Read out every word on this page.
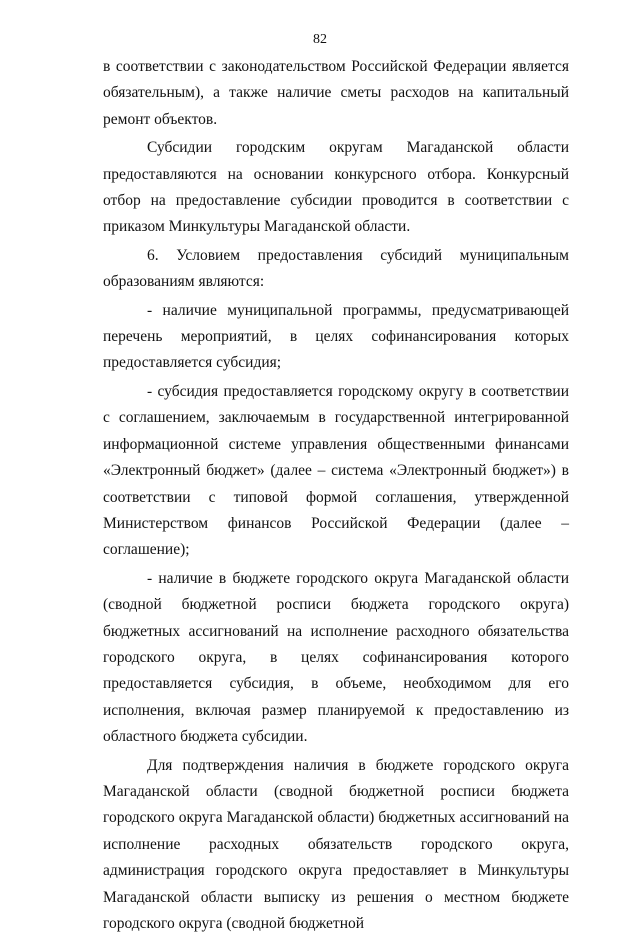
82

в соответствии с законодательством Российской Федерации является обязательным), а также наличие сметы расходов на капитальный ремонт объектов.

Субсидии городским округам Магаданской области предоставляются на основании конкурсного отбора. Конкурсный отбор на предоставление субсидии проводится в соответствии с приказом Минкультуры Магаданской области.

6. Условием предоставления субсидий муниципальным образованиям являются:

- наличие муниципальной программы, предусматривающей перечень мероприятий, в целях софинансирования которых предоставляется субсидия;

- субсидия предоставляется городскому округу в соответствии с соглашением, заключаемым в государственной интегрированной информационной системе управления общественными финансами «Электронный бюджет» (далее – система «Электронный бюджет») в соответствии с типовой формой соглашения, утвержденной Министерством финансов Российской Федерации (далее – соглашение);

- наличие в бюджете городского округа Магаданской области (сводной бюджетной росписи бюджета городского округа) бюджетных ассигнований на исполнение расходного обязательства городского округа, в целях софинансирования которого предоставляется субсидия, в объеме, необходимом для его исполнения, включая размер планируемой к предоставлению из областного бюджета субсидии.

Для подтверждения наличия в бюджете городского округа Магаданской области (сводной бюджетной росписи бюджета городского округа Магаданской области) бюджетных ассигнований на исполнение расходных обязательств городского округа, администрация городского округа предоставляет в Минкультуры Магаданской области выписку из решения о местном бюджете городского округа (сводной бюджетной
